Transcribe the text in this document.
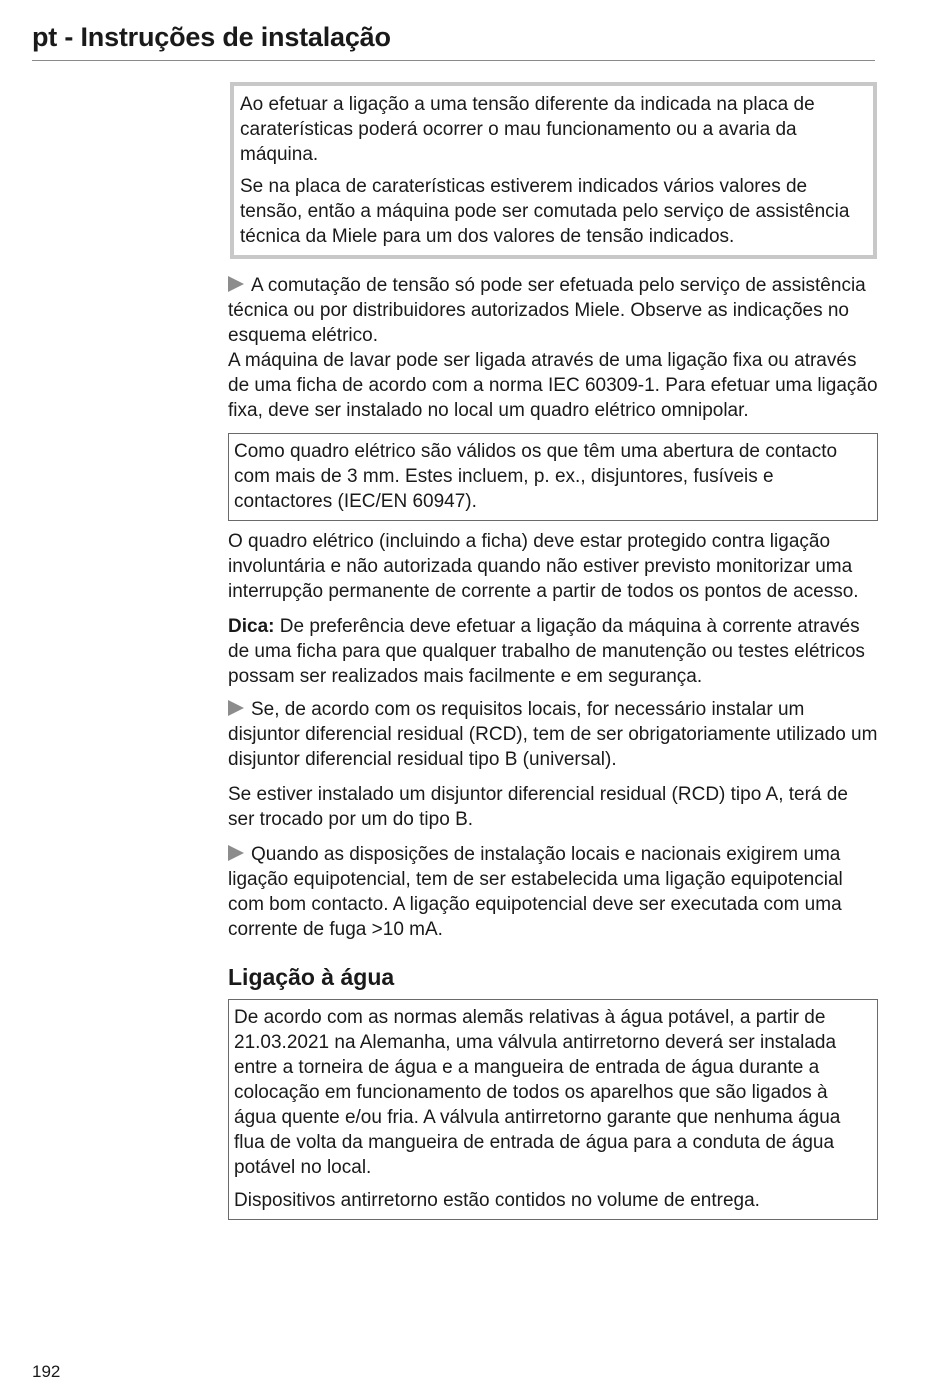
pt - Instruções de instalação

Ao efetuar a ligação a uma tensão diferente da indicada na placa de caraterísticas poderá ocorrer o mau funcionamento ou a avaria da máquina.

Se na placa de caraterísticas estiverem indicados vários valores de tensão, então a máquina pode ser comutada pelo serviço de assistência técnica da Miele para um dos valores de tensão indicados.

A comutação de tensão só pode ser efetuada pelo serviço de assistência técnica ou por distribuidores autorizados Miele. Observe as indicações no esquema elétrico.

A máquina de lavar pode ser ligada através de uma ligação fixa ou através de uma ficha de acordo com a norma IEC 60309-1. Para efetuar uma ligação fixa, deve ser instalado no local um quadro elétrico omnipolar.

Como quadro elétrico são válidos os que têm uma abertura de contacto com mais de 3 mm. Estes incluem, p. ex., disjuntores, fusíveis e contactores (IEC/EN 60947).

O quadro elétrico (incluindo a ficha) deve estar protegido contra ligação involuntária e não autorizada quando não estiver previsto monitorizar uma interrupção permanente de corrente a partir de todos os pontos de acesso.

Dica: De preferência deve efetuar a ligação da máquina à corrente através de uma ficha para que qualquer trabalho de manutenção ou testes elétricos possam ser realizados mais facilmente e em segurança.

Se, de acordo com os requisitos locais, for necessário instalar um disjuntor diferencial residual (RCD), tem de ser obrigatoriamente utilizado um disjuntor diferencial residual tipo B (universal).

Se estiver instalado um disjuntor diferencial residual (RCD) tipo A, terá de ser trocado por um do tipo B.

Quando as disposições de instalação locais e nacionais exigirem uma ligação equipotencial, tem de ser estabelecida uma ligação equipotencial com bom contacto. A ligação equipotencial deve ser executada com uma corrente de fuga >10 mA.

Ligação à água

De acordo com as normas alemãs relativas à água potável, a partir de 21.03.2021 na Alemanha, uma válvula antirretorno deverá ser instalada entre a torneira de água e a mangueira de entrada de água durante a colocação em funcionamento de todos os aparelhos que são ligados à água quente e/ou fria. A válvula antirretorno garante que nenhuma água flua de volta da mangueira de entrada de água para a conduta de água potável no local.

Dispositivos antirretorno estão contidos no volume de entrega.

192
